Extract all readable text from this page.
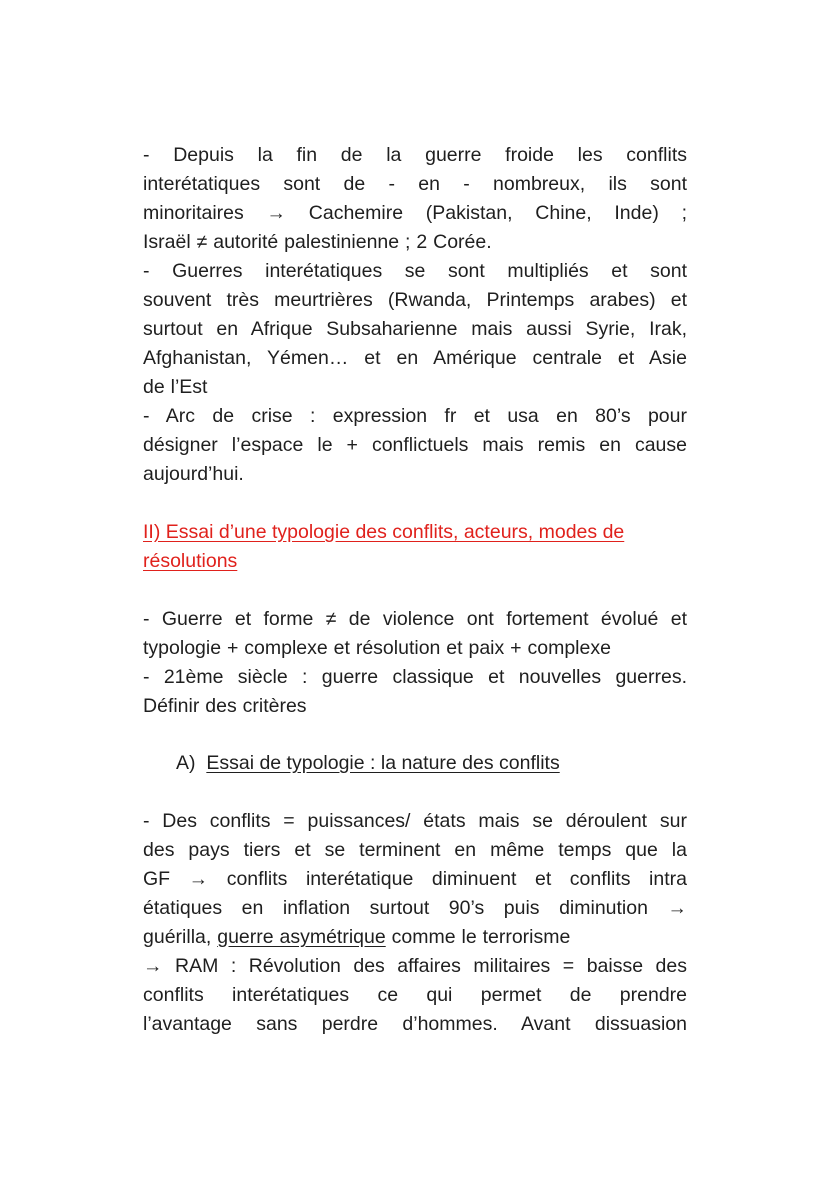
- Depuis la fin de la guerre froide les conflits
interétatiques sont de - en - nombreux, ils sont
minoritaires → Cachemire (Pakistan, Chine, Inde) ;
Israël ≠ autorité palestinienne ; 2 Corée.
- Guerres interétatiques se sont multipliés et sont
souvent très meurtrières (Rwanda, Printemps arabes) et
surtout en Afrique Subsaharienne mais aussi Syrie, Irak,
Afghanistan, Yémen… et en Amérique centrale et Asie
de l’Est
- Arc de crise : expression fr et usa en 80’s pour
désigner l’espace le + conflictuels mais remis en cause
aujourd’hui.
II) Essai d’une typologie des conflits, acteurs, modes de
résolutions
- Guerre et forme ≠ de violence ont fortement évolué et
typologie + complexe et résolution et paix + complexe
- 21ème siècle : guerre classique et nouvelles guerres.
Définir des critères
A) Essai de typologie : la nature des conflits
- Des conflits = puissances/ états mais se déroulent sur
des pays tiers et se terminent en même temps que la
GF → conflits interétatique diminuent et conflits intra
étatiques en inflation surtout 90’s puis diminution →
guérilla, guerre asymétrique comme le terrorisme
→ RAM : Révolution des affaires militaires = baisse des
conflits interétatiques ce qui permet de prendre
l’avantage sans perdre d’hommes. Avant dissuasion
